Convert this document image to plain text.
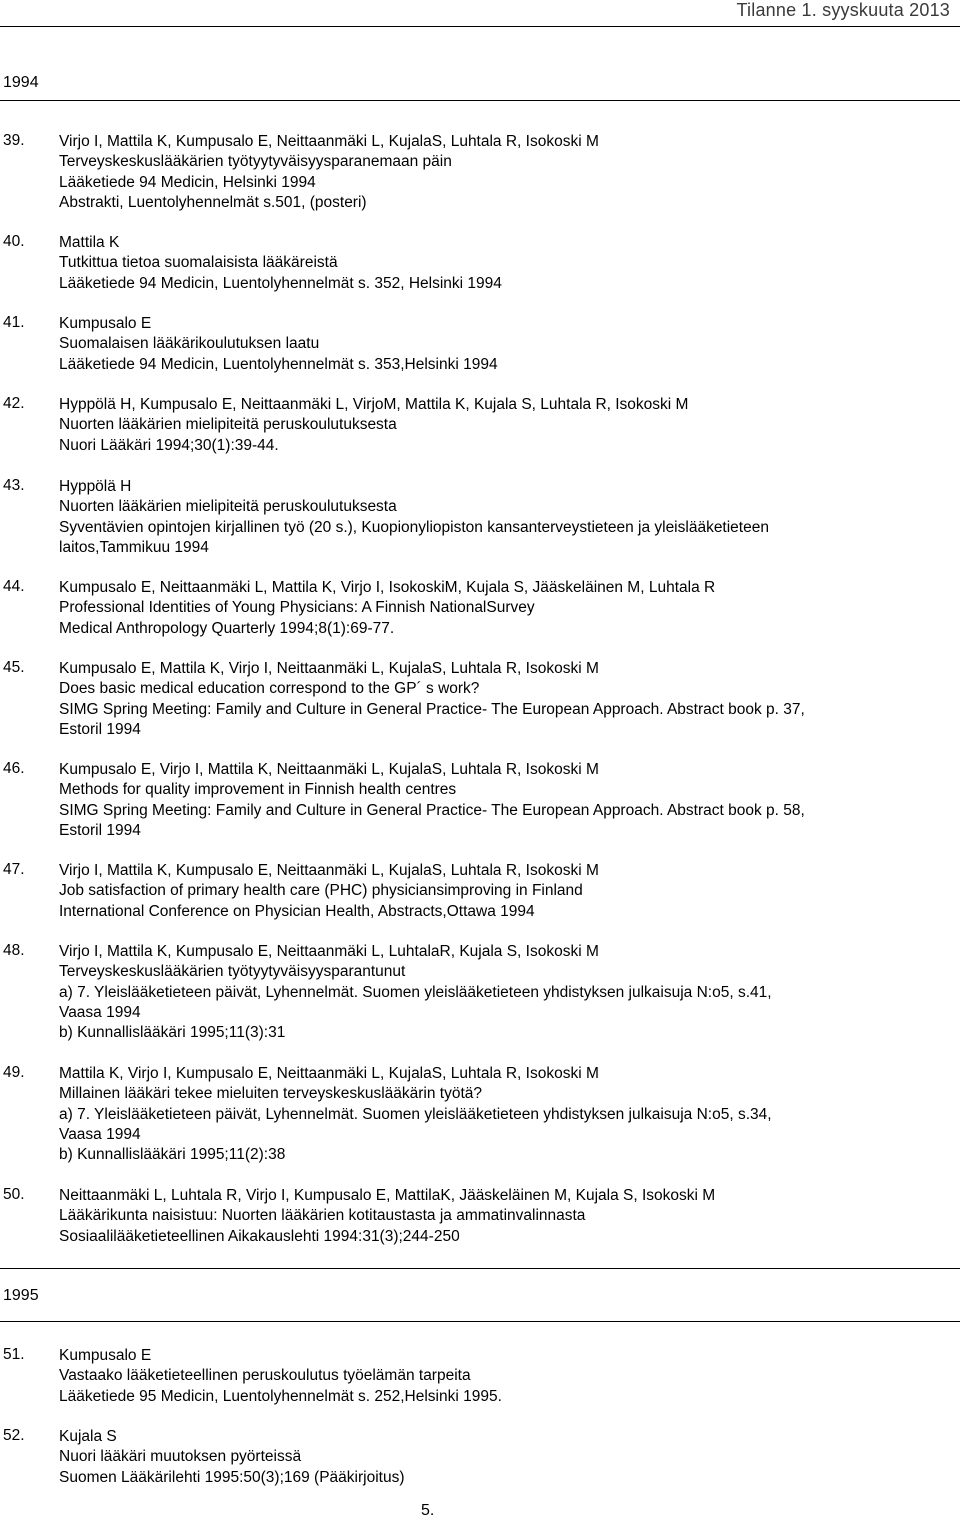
Tilanne 1. syyskuuta 2013
1994
39. Virjo I, Mattila K, Kumpusalo E, Neittaanmäki L, KujalaS, Luhtala R, Isokoski M
Terveyskeskuslääkärien työtyytyväisyysparanemaan päin
Lääketiede 94 Medicin, Helsinki 1994
Abstrakti, Luentolyhennelmät s.501, (posteri)
40. Mattila K
Tutkittua tietoa suomalaisista lääkäreistä
Lääketiede 94 Medicin, Luentolyhennelmät s. 352, Helsinki 1994
41. Kumpusalo E
Suomalaisen lääkärikoulutuksen laatu
Lääketiede 94 Medicin, Luentolyhennelmät s. 353,Helsinki 1994
42. Hyppölä H, Kumpusalo E, Neittaanmäki L, VirjoM, Mattila K, Kujala S, Luhtala R, Isokoski M
Nuorten lääkärien mielipiteitä peruskoulutuksesta
Nuori Lääkäri 1994;30(1):39-44.
43. Hyppölä H
Nuorten lääkärien mielipiteitä peruskoulutuksesta
Syventävien opintojen kirjallinen työ (20 s.), Kuopionyliopiston kansanterveystieteen ja yleislääketieteen
laitos,Tammikuu 1994
44. Kumpusalo E, Neittaanmäki L, Mattila K, Virjo I, IsokoskiM, Kujala S, Jääskeläinen M, Luhtala R
Professional Identities of Young Physicians: A Finnish NationalSurvey
Medical Anthropology Quarterly 1994;8(1):69-77.
45. Kumpusalo E, Mattila K, Virjo I, Neittaanmäki L, KujalaS, Luhtala R, Isokoski M
Does basic medical education correspond to the GP´ s work?
SIMG Spring Meeting: Family and Culture in General Practice- The European Approach. Abstract book p. 37,
Estoril 1994
46. Kumpusalo E, Virjo I, Mattila K, Neittaanmäki L, KujalaS, Luhtala R, Isokoski M
Methods for quality improvement in Finnish health centres
SIMG Spring Meeting: Family and Culture in General Practice- The European Approach. Abstract book p. 58,
Estoril 1994
47. Virjo I, Mattila K, Kumpusalo E, Neittaanmäki L, KujalaS, Luhtala R, Isokoski M
Job satisfaction of primary health care (PHC) physiciansimproving in Finland
International Conference on Physician Health, Abstracts,Ottawa 1994
48. Virjo I, Mattila K, Kumpusalo E, Neittaanmäki L, LuhtalaR, Kujala S, Isokoski M
Terveyskeskuslääkärien työtyytyväisyysparantunut
a) 7. Yleislääketieteen päivät, Lyhennelmät. Suomen yleislääketieteen yhdistyksen julkaisuja N:o5, s.41,
Vaasa 1994
b) Kunnallislääkäri 1995;11(3):31
49. Mattila K, Virjo I, Kumpusalo E, Neittaanmäki L, KujalaS, Luhtala R, Isokoski M
Millainen lääkäri tekee mieluiten terveyskeskuslääkärin työtä?
a) 7. Yleislääketieteen päivät, Lyhennelmät. Suomen yleislääketieteen yhdistyksen julkaisuja N:o5, s.34,
Vaasa 1994
b) Kunnallislääkäri 1995;11(2):38
50. Neittaanmäki L, Luhtala R, Virjo I, Kumpusalo E, MattilaK, Jääskeläinen M, Kujala S, Isokoski M
Lääkärikunta naisistuu: Nuorten lääkärien kotitaustasta ja ammatinvalinnasta
Sosiaalilääketieteellinen Aikakauslehti 1994:31(3);244-250
51. Kumpusalo E
Vastaako lääketieteellinen peruskoulutus työelämän tarpeita
Lääketiede 95 Medicin, Luentolyhennelmät s. 252,Helsinki 1995.
52. Kujala S
Nuori lääkäri muutoksen pyörteissä
Suomen Lääkärilehti 1995:50(3);169 (Pääkirjoitus)
1995
5.
